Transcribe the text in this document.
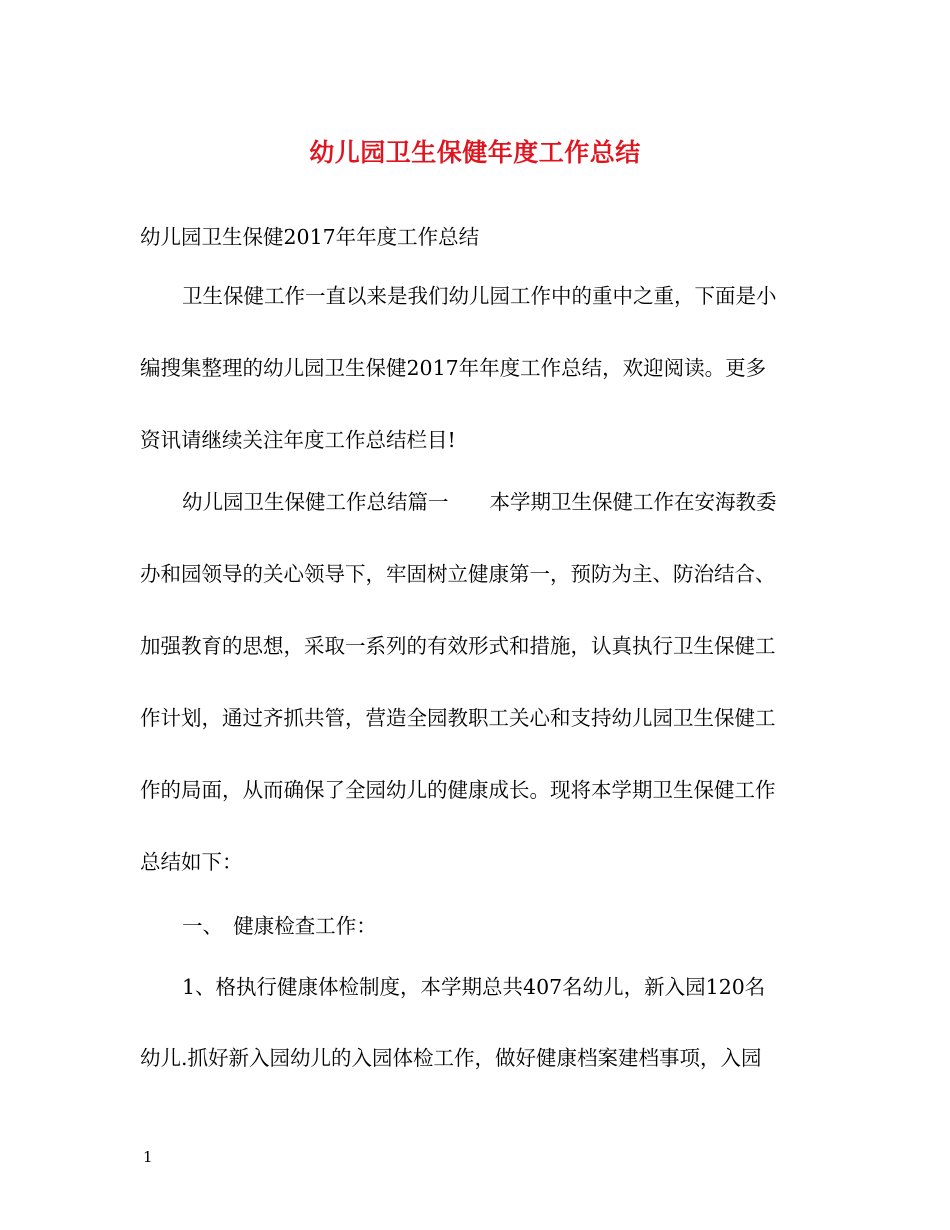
幼儿园卫生保健年度工作总结
幼儿园卫生保健2017年年度工作总结
卫生保健工作一直以来是我们幼儿园工作中的重中之重，下面是小
编搜集整理的幼儿园卫生保健2017年年度工作总结，欢迎阅读。更多
资讯请继续关注年度工作总结栏目!
幼儿园卫生保健工作总结篇一　　本学期卫生保健工作在安海教委
办和园领导的关心领导下，牢固树立健康第一，预防为主、防治结合、
加强教育的思想，采取一系列的有效形式和措施，认真执行卫生保健工
作计划，通过齐抓共管，营造全园教职工关心和支持幼儿园卫生保健工
作的局面，从而确保了全园幼儿的健康成长。现将本学期卫生保健工作
总结如下：
一、　健康检查工作：
1、格执行健康体检制度，本学期总共407名幼儿，新入园120名
幼儿.抓好新入园幼儿的入园体检工作，做好健康档案建档事项，入园
1
